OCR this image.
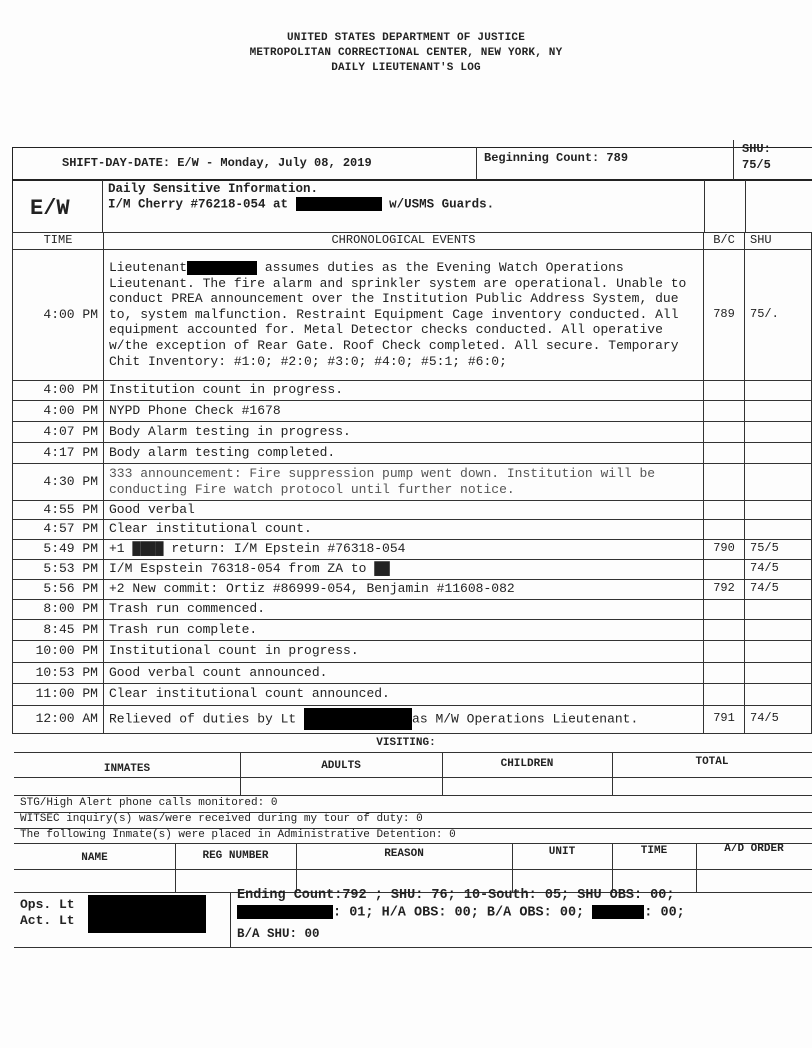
UNITED STATES DEPARTMENT OF JUSTICE
METROPOLITAN CORRECTIONAL CENTER, NEW YORK, NY
DAILY LIEUTENANT'S LOG
SHIFT-DAY-DATE: E/W - Monday, July 08, 2019	Beginning Count: 789
SHU:
75/5
E/W
Daily Sensitive Information.
I/M Cherry #76218-054 at	w/USMS Guards.
TIME	CHRONOLOGICAL EVENTS	B/C	SHU
4:00 PM	Lieutenant assumes duties as the Evening Watch Operations Lieutenant. The fire alarm and sprinkler system are operational. Unable to conduct PREA announcement over the Institution Public Address System, due to, system malfunction. Restraint Equipment Cage inventory conducted. All equipment accounted for. Metal Detector checks conducted. All operative w/the exception of Rear Gate. Roof Check completed. All secure. Temporary Chit Inventory: #1:0; #2:0; #3:0; #4:0; #5:1; #6:0;	789	75/.
4:00 PM	Institution count in progress.		
4:00 PM	NYPD Phone Check #1678		
4:07 PM	Body Alarm testing in progress.		
4:17 PM	Body alarm testing completed.		
4:30 PM	333 announcement: Fire suppression pump went down. Institution will be conducting Fire watch protocol until further notice.		
4:55 PM	Good verbal		
4:57 PM	Clear institutional count.		
5:49 PM	+1 ████ return: I/M Epstein #76318-054	790	75/5
5:53 PM	I/M Espstein 76318-054 from ZA to ██		74/5
5:56 PM	+2 New commit: Ortiz #86999-054, Benjamin #11608-082	792	74/5
8:00 PM	Trash run commenced.		
8:45 PM	Trash run complete.		
10:00 PM	Institutional count in progress.		
10:53 PM	Good verbal count announced.		
11:00 PM	Clear institutional count announced.		
12:00 AM	Relieved of duties by Lt as M/W Operations Lieutenant.	791	74/5
VISITING:
INMATES	ADULTS	CHILDREN	TOTAL
STG/High Alert phone calls monitored: 0
WITSEC inquiry(s) was/were received during my tour of duty: 0
The following Inmate(s) were placed in Administrative Detention: 0
NAME	REG NUMBER	REASON	UNIT	TIME	A/D ORDER
Ops. Lt
Act. Lt
Ending Count:792 ; SHU: 76; 10-South: 05; SHU OBS: 00;
: 01; H/A OBS: 00; B/A OBS: 00;	: 00;
B/A SHU: 00
